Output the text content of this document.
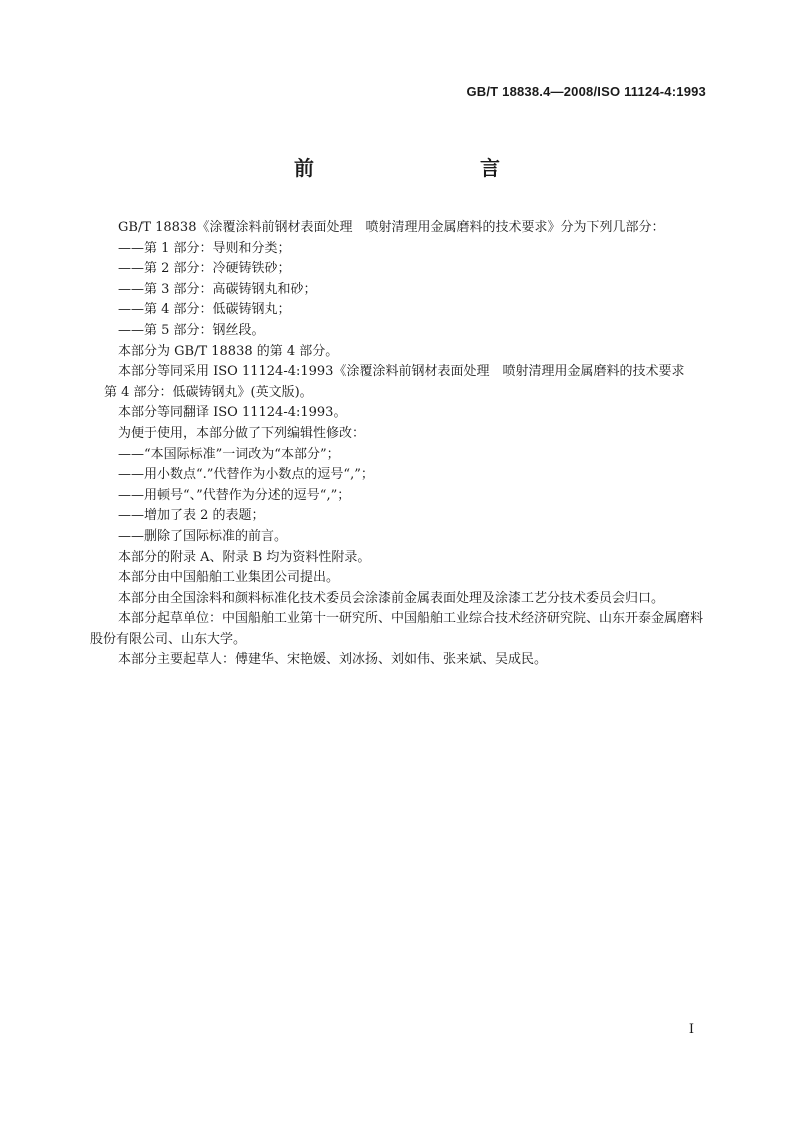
GB/T 18838.4—2008/ISO 11124-4:1993
前　　言

GB/T 18838《涂覆涂料前钢材表面处理　喷射清理用金属磨料的技术要求》分为下列几部分：

——第 1 部分：导则和分类；

——第 2 部分：冷硬铸铁砂；

——第 3 部分：高碳铸钢丸和砂；

——第 4 部分：低碳铸钢丸；

——第 5 部分：钢丝段。

本部分为 GB/T 18838 的第 4 部分。

本部分等同采用 ISO 11124-4:1993《涂覆涂料前钢材表面处理　喷射清理用金属磨料的技术要求

第 4 部分：低碳铸钢丸》(英文版)。

本部分等同翻译 ISO 11124-4:1993。

为便于使用，本部分做了下列编辑性修改：

——“本国际标准”一词改为“本部分”；

——用小数点“.”代替作为小数点的逗号“,”；

——用顿号“、”代替作为分述的逗号“,”；

——增加了表 2 的表题；

——删除了国际标准的前言。

本部分的附录 A、附录 B 均为资料性附录。

本部分由中国船舶工业集团公司提出。

本部分由全国涂料和颜料标准化技术委员会涂漆前金属表面处理及涂漆工艺分技术委员会归口。

本部分起草单位：中国船舶工业第十一研究所、中国船舶工业综合技术经济研究院、山东开泰金属磨料股份有限公司、山东大学。

本部分主要起草人：傅建华、宋艳媛、刘冰扬、刘如伟、张来斌、吴成民。

I
